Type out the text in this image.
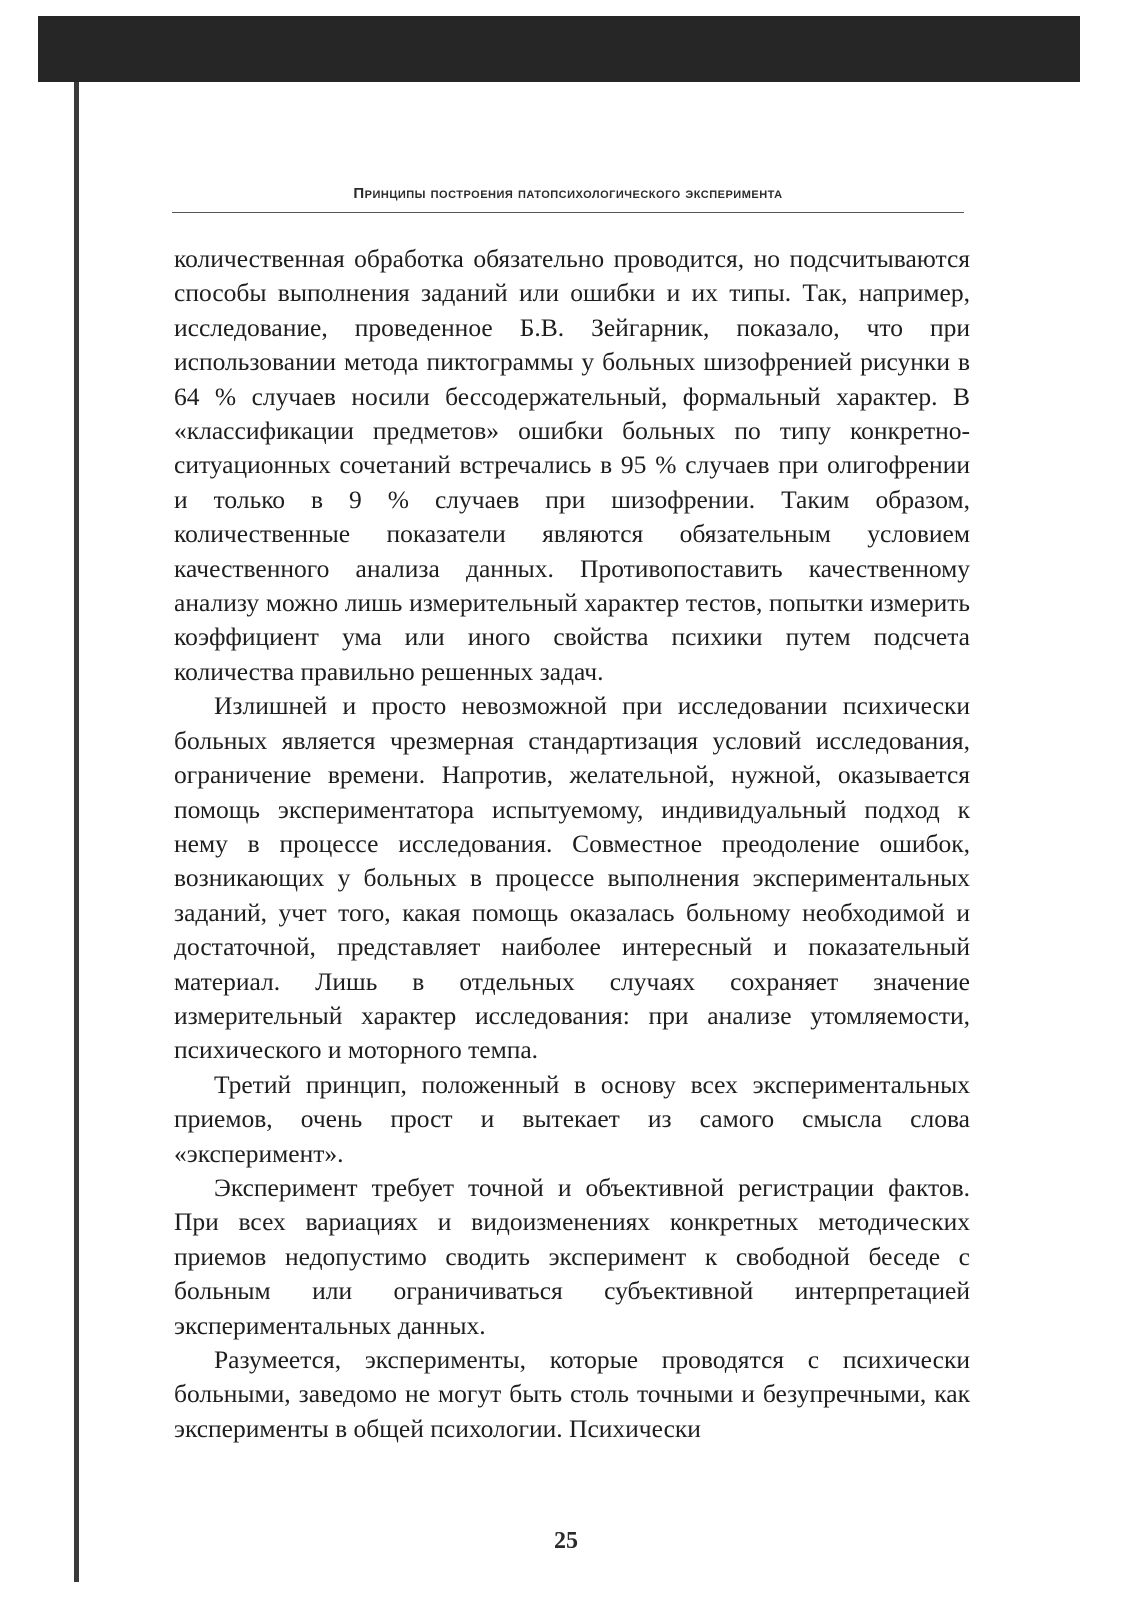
Принципы построения патопсихологического эксперимента

количественная обработка обязательно проводится, но подсчитываются способы выполнения заданий или ошибки и их типы. Так, например, исследование, проведенное Б.В. Зейгарник, показало, что при использовании метода пиктограммы у больных шизофренией рисунки в 64 % случаев носили бессодержательный, формальный характер. В «классификации предметов» ошибки больных по типу конкретно-ситуационных сочетаний встречались в 95 % случаев при олигофрении и только в 9 % случаев при шизофрении. Таким образом, количественные показатели являются обязательным условием качественного анализа данных. Противопоставить качественному анализу можно лишь измерительный характер тестов, попытки измерить коэффициент ума или иного свойства психики путем подсчета количества правильно решенных задач.

Излишней и просто невозможной при исследовании психически больных является чрезмерная стандартизация условий исследования, ограничение времени. Напротив, желательной, нужной, оказывается помощь экспериментатора испытуемому, индивидуальный подход к нему в процессе исследования. Совместное преодоление ошибок, возникающих у больных в процессе выполнения экспериментальных заданий, учет того, какая помощь оказалась больному необходимой и достаточной, представляет наиболее интересный и показательный материал. Лишь в отдельных случаях сохраняет значение измерительный характер исследования: при анализе утомляемости, психического и моторного темпа.

Третий принцип, положенный в основу всех экспериментальных приемов, очень прост и вытекает из самого смысла слова «эксперимент».

Эксперимент требует точной и объективной регистрации фактов. При всех вариациях и видоизменениях конкретных методических приемов недопустимо сводить эксперимент к свободной беседе с больным или ограничиваться субъективной интерпретацией экспериментальных данных.

Разумеется, эксперименты, которые проводятся с психически больными, заведомо не могут быть столь точными и безупречными, как эксперименты в общей психологии. Психически

25
